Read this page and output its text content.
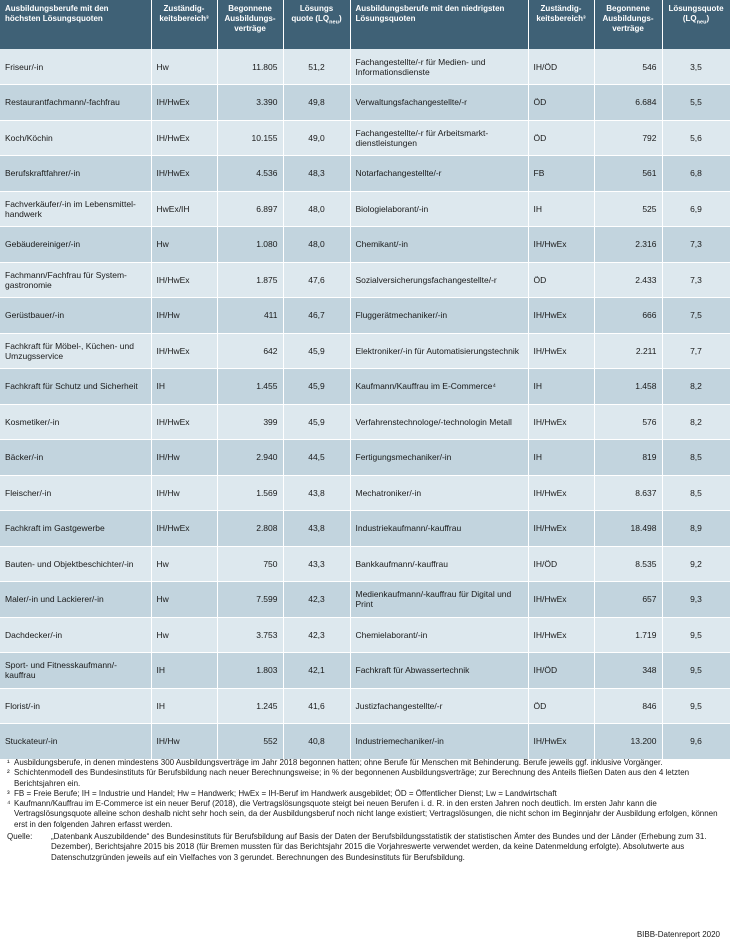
Ausbildungsberufe mit den höchsten Lösungsquoten	Zuständigkeitsbereich³	Begonnene Ausbildungsverträge	Lösungs quote $(LQ_{neu})$	Ausbildungsberufe mit den niedrigsten Lösungsquoten	Zuständigkeitsbereich³	Begonnene Ausbildungsverträge	Lösungsquote $(LQ_{neu})$
Friseur/-in	Hw	11.805	51,2	Fachangestellte/-r für Medien- und Informationsdienste	IH/ÖD	546	3,5
Restaurantfachmann/-fachfrau	IH/HwEx	3.390	49,8	Verwaltungsfachangestellte/-r	ÖD	6.684	5,5
Koch/Köchin	IH/HwEx	10.155	49,0	Fachangestellte/-r für Arbeitsmarktdienstleistungen	ÖD	792	5,6
Berufskraftfahrer/-in	IH/HwEx	4.536	48,3	Notarfachangestellte/-r	FB	561	6,8
Fachverkäufer/-in im Lebensmittelhandwerk	HwEx/IH	6.897	48,0	Biologielaborant/-in	IH	525	6,9
Gebäudereiniger/-in	Hw	1.080	48,0	Chemikant/-in	IH/HwEx	2.316	7,3
Fachmann/Fachfrau für Systemgastronomie	IH/HwEx	1.875	47,6	Sozialversicherungsfachangestellte/-r	ÖD	2.433	7,3
Gerüstbauer/-in	IH/Hw	411	46,7	Fluggerätmechaniker/-in	IH/HwEx	666	7,5
Fachkraft für Möbel-, Küchen- und Umzugsservice	IH/HwEx	642	45,9	Elektroniker/-in für Automatisierungstechnik	IH/HwEx	2.211	7,7
Fachkraft für Schutz und Sicherheit	IH	1.455	45,9	Kaufmann/Kauffrau im E-Commerce⁴	IH	1.458	8,2
Kosmetiker/-in	IH/HwEx	399	45,9	Verfahrenstechnologe/-technologin Metall	IH/HwEx	576	8,2
Bäcker/-in	IH/Hw	2.940	44,5	Fertigungsmechaniker/-in	IH	819	8,5
Fleischer/-in	IH/Hw	1.569	43,8	Mechatroniker/-in	IH/HwEx	8.637	8,5
Fachkraft im Gastgewerbe	IH/HwEx	2.808	43,8	Industriekaufmann/-kauffrau	IH/HwEx	18.498	8,9
Bauten- und Objektbeschichter/-in	Hw	750	43,3	Bankkaufmann/-kauffrau	IH/ÖD	8.535	9,2
Maler/-in und Lackierer/-in	Hw	7.599	42,3	Medienkaufmann/-kauffrau für Digital und Print	IH/HwEx	657	9,3
Dachdecker/-in	Hw	3.753	42,3	Chemielaborant/-in	IH/HwEx	1.719	9,5
Sport- und Fitnesskaufmann/-kauffrau	IH	1.803	42,1	Fachkraft für Abwassertechnik	IH/ÖD	348	9,5
Florist/-in	IH	1.245	41,6	Justizfachangestellte/-r	ÖD	846	9,5
Stuckateur/-in	IH/Hw	552	40,8	Industriemechaniker/-in	IH/HwEx	13.200	9,6
¹ Ausbildungsberufe, in denen mindestens 300 Ausbildungsverträge im Jahr 2018 begonnen hatten; ohne Berufe für Menschen mit Behinderung. Berufe jeweils ggf. inklusive Vorgänger.
² Schichtenmodell des Bundesinstituts für Berufsbildung nach neuer Berechnungsweise; in % der begonnenen Ausbildungsverträge; zur Berechnung des Anteils fließen Daten aus den 4 letzten Berichtsjahren ein.
³ FB = Freie Berufe; IH = Industrie und Handel; Hw = Handwerk; HwEx = IH-Beruf im Handwerk ausgebildet; ÖD = Öffentlicher Dienst; Lw = Landwirtschaft
⁴ Kaufmann/Kauffrau im E-Commerce ist ein neuer Beruf (2018), die Vertragslösungsquote steigt bei neuen Berufen i. d. R. in den ersten Jahren noch deutlich. Im ersten Jahr kann die Vertragslösungsquote alleine schon deshalb nicht sehr hoch sein, da der Ausbildungsberuf noch nicht lange existiert; Vertragslösungen, die nicht schon im Beginnjahr der Ausbildung erfolgen, können erst in den folgenden Jahren erfasst werden.
Quelle:	„Datenbank Auszubildende“ des Bundesinstituts für Berufsbildung auf Basis der Daten der Berufsbildungsstatistik der statistischen Ämter des Bundes und der Länder (Erhebung zum 31. Dezember), Berichtsjahre 2015 bis 2018 (für Bremen mussten für das Berichtsjahr 2015 die Vorjahreswerte verwendet werden, da keine Datenmeldung erfolgte). Absolutwerte aus Datenschutzgründen jeweils auf ein Vielfaches von 3 gerundet. Berechnungen des Bundesinstituts für Berufsbildung.
BIBB-Datenreport 2020
